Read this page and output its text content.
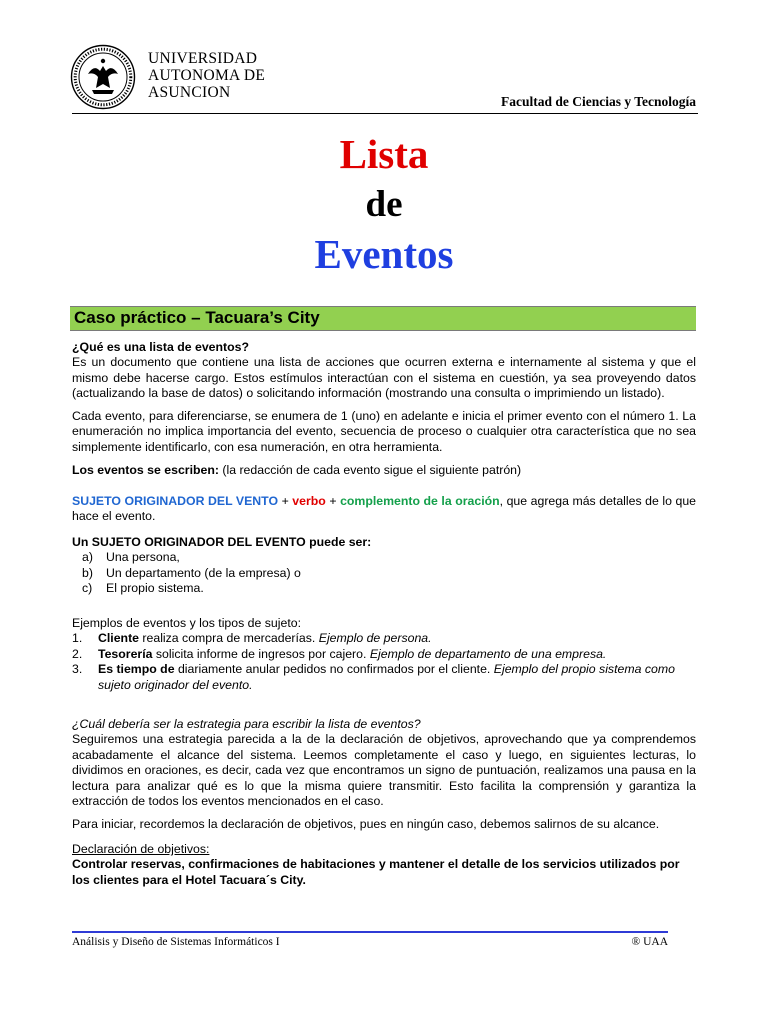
UNIVERSIDAD
AUTONOMA DE
ASUNCION
Facultad de Ciencias y Tecnología
Lista
de
Eventos
Caso práctico – Tacuara’s City

¿Qué es una lista de eventos?

Es un documento que contiene una lista de acciones que ocurren externa e internamente al sistema y que el mismo debe hacerse cargo. Estos estímulos interactúan con el sistema en cuestión, ya sea proveyendo datos (actualizando la base de datos) o solicitando información (mostrando una consulta o imprimiendo un listado).

Cada evento, para diferenciarse, se enumera de 1 (uno) en adelante e inicia el primer evento con el número 1. La enumeración no implica importancia del evento, secuencia de proceso o cualquier otra característica que no sea simplemente identificarlo, con esa numeración, en otra herramienta.
Los eventos se escriben: (la redacción de cada evento sigue el siguiente patrón)
SUJETO ORIGINADOR DEL VENTO + verbo + complemento de la oración, que agrega más detalles de lo que hace el evento.

Un SUJETO ORIGINADOR DEL EVENTO puede ser:

a)	Una persona,
b)	Un departamento (de la empresa) o
c)	El propio sistema.

Ejemplos de eventos y los tipos de sujeto:

1.	Cliente realiza compra de mercaderías. Ejemplo de persona.
2.	Tesorería solicita informe de ingresos por cajero. Ejemplo de departamento de una empresa.
3.	Es tiempo de diariamente anular pedidos no confirmados por el cliente. Ejemplo del propio sistema como sujeto originador del evento.

¿Cuál debería ser la estrategia para escribir la lista de eventos?

Seguiremos una estrategia parecida a la de la declaración de objetivos, aprovechando que ya comprendemos acabadamente el alcance del sistema. Leemos completamente el caso y luego, en siguientes lecturas, lo dividimos en oraciones, es decir, cada vez que encontramos un signo de puntuación, realizamos una pausa en la lectura para analizar qué es lo que la misma quiere transmitir. Esto facilita la comprensión y garantiza la extracción de todos los eventos mencionados en el caso.

Para iniciar, recordemos la declaración de objetivos, pues en ningún caso, debemos salirnos de su alcance.

Declaración de objetivos:

Controlar reservas, confirmaciones de habitaciones y mantener el detalle de los servicios utilizados por los clientes para el Hotel Tacuara´s City.

Análisis y Diseño de Sistemas Informáticos I	® UAA
